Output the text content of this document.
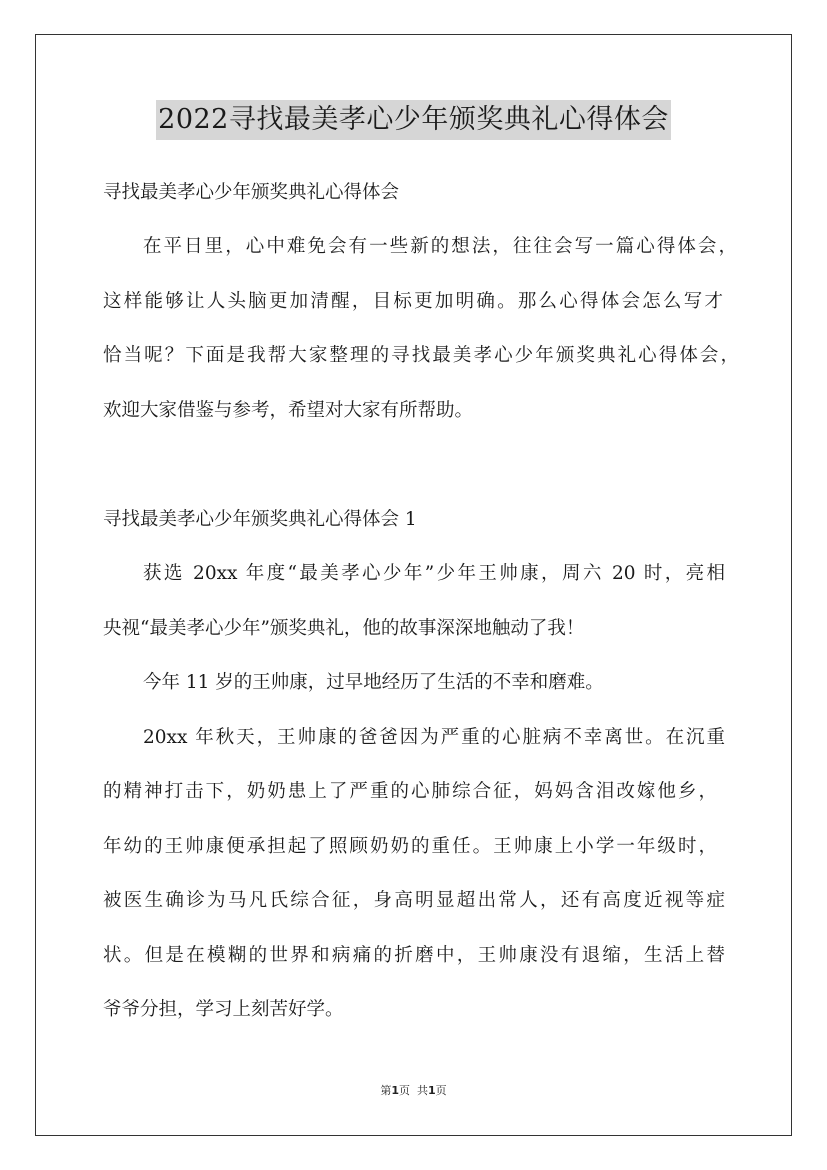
2022寻找最美孝心少年颁奖典礼心得体会
寻找最美孝心少年颁奖典礼心得体会
在平日里，心中难免会有一些新的想法，往往会写一篇心得体会，
这样能够让人头脑更加清醒，目标更加明确。那么心得体会怎么写才
恰当呢？下面是我帮大家整理的寻找最美孝心少年颁奖典礼心得体会，
欢迎大家借鉴与参考，希望对大家有所帮助。
寻找最美孝心少年颁奖典礼心得体会 1
获选 20xx 年度“最美孝心少年”少年王帅康，周六 20 时，亮相
央视“最美孝心少年”颁奖典礼，他的故事深深地触动了我！
今年 11 岁的王帅康，过早地经历了生活的不幸和磨难。
20xx 年秋天，王帅康的爸爸因为严重的心脏病不幸离世。在沉重
的精神打击下，奶奶患上了严重的心肺综合征，妈妈含泪改嫁他乡，
年幼的王帅康便承担起了照顾奶奶的重任。王帅康上小学一年级时，
被医生确诊为马凡氏综合征，身高明显超出常人，还有高度近视等症
状。但是在模糊的世界和病痛的折磨中，王帅康没有退缩，生活上替
爷爷分担，学习上刻苦好学。
第1页 共1页
